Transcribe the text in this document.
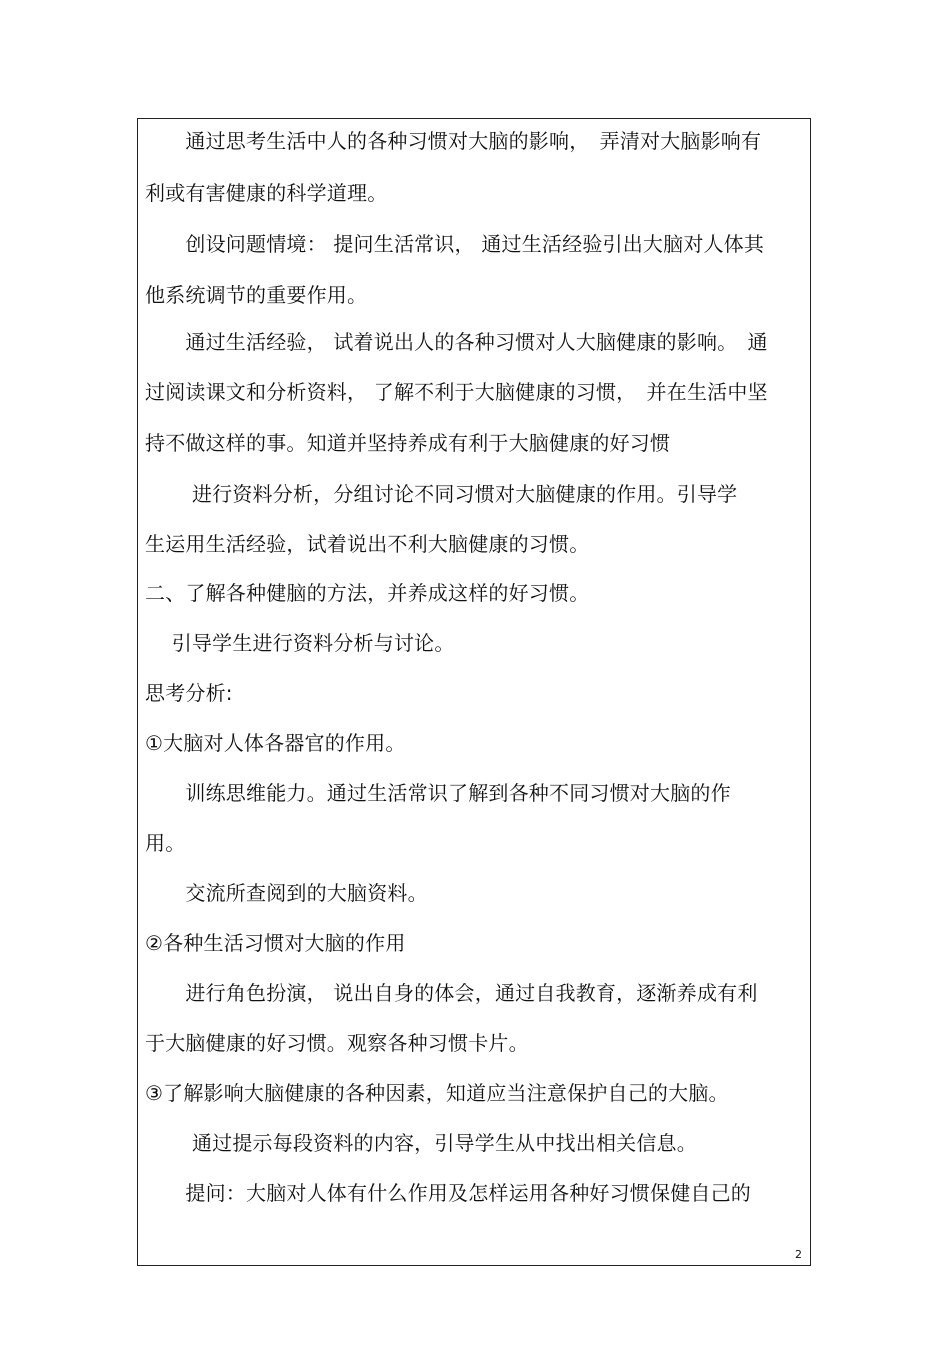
2
　　通过思考生活中人的各种习惯对大脑的影响，　弄清对大脑影响有
利或有害健康的科学道理。
　　创设问题情境： 提问生活常识， 通过生活经验引出大脑对人体其
他系统调节的重要作用。
　　通过生活经验， 试着说出人的各种习惯对人大脑健康的影响。　通
过阅读课文和分析资料， 了解不利于大脑健康的习惯，　并在生活中坚
持不做这样的事。知道并坚持养成有利于大脑健康的好习惯
　　 进行资料分析，分组讨论不同习惯对大脑健康的作用。引导学
生运用生活经验，试着说出不利大脑健康的习惯。
二、了解各种健脑的方法，并养成这样的好习惯。
　 引导学生进行资料分析与讨论。
思考分析:
①大脑对人体各器官的作用。
　　训练思维能力。通过生活常识了解到各种不同习惯对大脑的作
用。
　　交流所查阅到的大脑资料。
②各种生活习惯对大脑的作用
　　进行角色扮演， 说出自身的体会，通过自我教育，逐渐养成有利
于大脑健康的好习惯。观察各种习惯卡片。
③了解影响大脑健康的各种因素，知道应当注意保护自己的大脑。
　　 通过提示每段资料的内容，引导学生从中找出相关信息。
　　提问：大脑对人体有什么作用及怎样运用各种好习惯保健自己的
